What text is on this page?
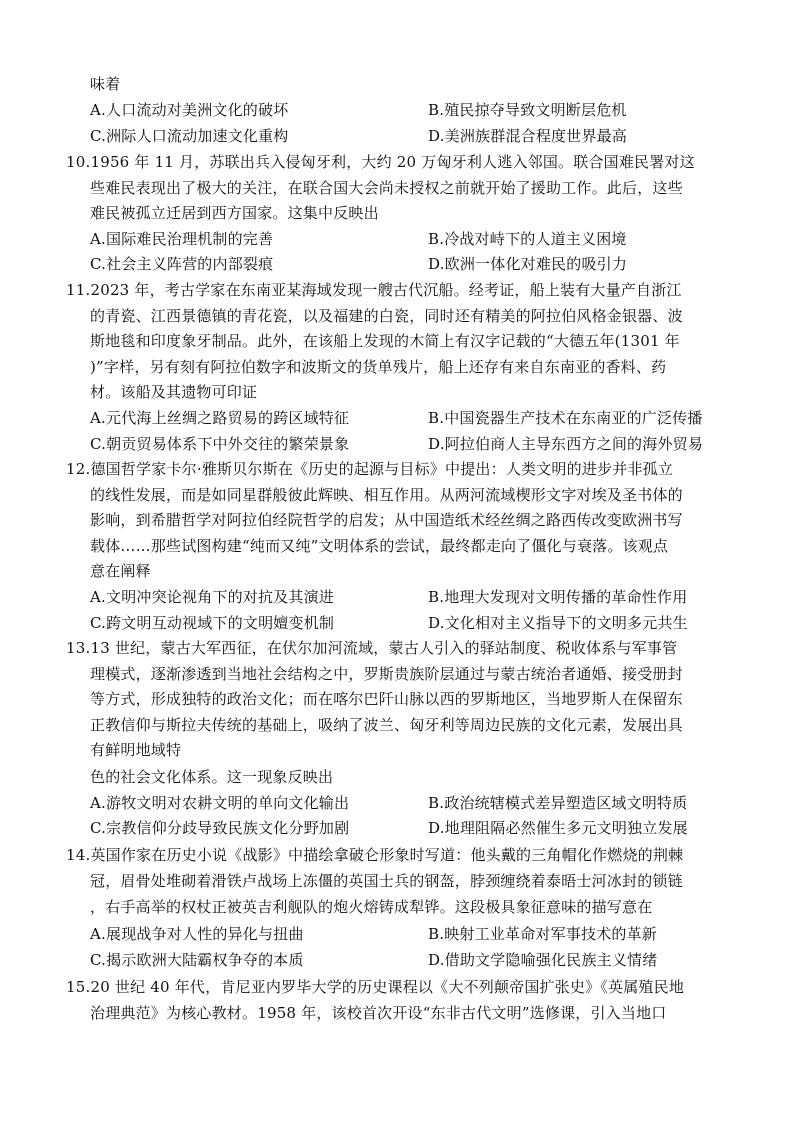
味着
A.人口流动对美洲文化的破坏	B.殖民掠夺导致文明断层危机
C.洲际人口流动加速文化重构	D.美洲族群混合程度世界最高
10.1956 年 11 月，苏联出兵入侵匈牙利，大约 20 万匈牙利人逃入邻国。联合国难民署对这
些难民表现出了极大的关注，在联合国大会尚未授权之前就开始了援助工作。此后，这些
难民被孤立迁居到西方国家。这集中反映出
A.国际难民治理机制的完善	B.冷战对峙下的人道主义困境
C.社会主义阵营的内部裂痕	D.欧洲一体化对难民的吸引力
11.2023 年，考古学家在东南亚某海域发现一艘古代沉船。经考证，船上装有大量产自浙江
的青瓷、江西景德镇的青花瓷，以及福建的白瓷，同时还有精美的阿拉伯风格金银器、波
斯地毯和印度象牙制品。此外，在该船上发现的木简上有汉字记载的“大德五年(1301 年
)”字样，另有刻有阿拉伯数字和波斯文的货单残片，船上还存有来自东南亚的香料、药
材。该船及其遗物可印证
A.元代海上丝绸之路贸易的跨区域特征	B.中国瓷器生产技术在东南亚的广泛传播
C.朝贡贸易体系下中外交往的繁荣景象	D.阿拉伯商人主导东西方之间的海外贸易
12.德国哲学家卡尔·雅斯贝尔斯在《历史的起源与目标》中提出：人类文明的进步并非孤立
的线性发展，而是如同星群般彼此辉映、相互作用。从两河流域楔形文字对埃及圣书体的
影响，到希腊哲学对阿拉伯经院哲学的启发；从中国造纸术经丝绸之路西传改变欧洲书写
载体……那些试图构建“纯而又纯”文明体系的尝试，最终都走向了僵化与衰落。该观点
意在阐释
A.文明冲突论视角下的对抗及其演进	B.地理大发现对文明传播的革命性作用
C.跨文明互动视域下的文明嬗变机制	D.文化相对主义指导下的文明多元共生
13.13 世纪，蒙古大军西征，在伏尔加河流域，蒙古人引入的驿站制度、税收体系与军事管
理模式，逐渐渗透到当地社会结构之中，罗斯贵族阶层通过与蒙古统治者通婚、接受册封
等方式，形成独特的政治文化；而在喀尔巴阡山脉以西的罗斯地区，当地罗斯人在保留东
正教信仰与斯拉夫传统的基础上，吸纳了波兰、匈牙利等周边民族的文化元素，发展出具
有鲜明地域特
色的社会文化体系。这一现象反映出
A.游牧文明对农耕文明的单向文化输出	B.政治统辖模式差异塑造区域文明特质
C.宗教信仰分歧导致民族文化分野加剧	D.地理阻隔必然催生多元文明独立发展
14.英国作家在历史小说《战影》中描绘拿破仑形象时写道：他头戴的三角帽化作燃烧的荆棘
冠，眉骨处堆砌着滑铁卢战场上冻僵的英国士兵的钢盔，脖颈缠绕着泰晤士河冰封的锁链
，右手高举的权杖正被英吉利舰队的炮火熔铸成犁铧。这段极具象征意味的描写意在
A.展现战争对人性的异化与扭曲	B.映射工业革命对军事技术的革新
C.揭示欧洲大陆霸权争夺的本质	D.借助文学隐喻强化民族主义情绪
15.20 世纪 40 年代，肯尼亚内罗毕大学的历史课程以《大不列颠帝国扩张史》《英属殖民地
治理典范》为核心教材。1958 年，该校首次开设“东非古代文明”选修课，引入当地口
